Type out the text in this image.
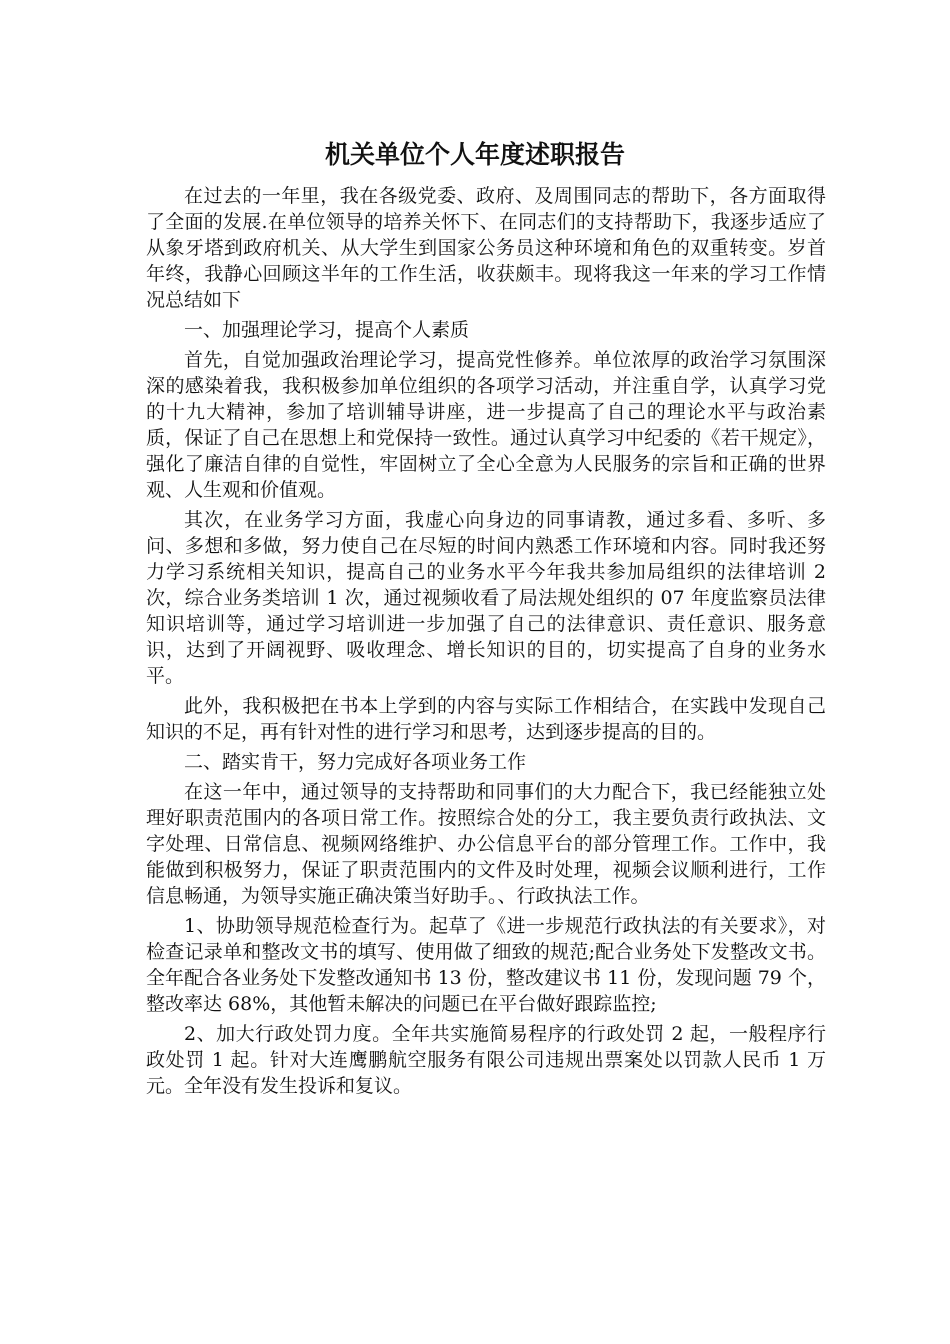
机关单位个人年度述职报告

在过去的一年里，我在各级党委、政府、及周围同志的帮助下，各方面取得了全面的发展.在单位领导的培养关怀下、在同志们的支持帮助下，我逐步适应了从象牙塔到政府机关、从大学生到国家公务员这种环境和角色的双重转变。岁首年终，我静心回顾这半年的工作生活，收获颇丰。现将我这一年来的学习工作情况总结如下

一、加强理论学习，提高个人素质

首先，自觉加强政治理论学习，提高党性修养。单位浓厚的政治学习氛围深深的感染着我，我积极参加单位组织的各项学习活动，并注重自学，认真学习党的十九大精神，参加了培训辅导讲座，进一步提高了自己的理论水平与政治素质，保证了自己在思想上和党保持一致性。通过认真学习中纪委的《若干规定》，强化了廉洁自律的自觉性，牢固树立了全心全意为人民服务的宗旨和正确的世界观、人生观和价值观。

其次，在业务学习方面，我虚心向身边的同事请教，通过多看、多听、多问、多想和多做，努力使自己在尽短的时间内熟悉工作环境和内容。同时我还努力学习系统相关知识，提高自己的业务水平今年我共参加局组织的法律培训 2 次，综合业务类培训 1 次，通过视频收看了局法规处组织的 07 年度监察员法律知识培训等，通过学习培训进一步加强了自己的法律意识、责任意识、服务意识，达到了开阔视野、吸收理念、增长知识的目的，切实提高了自身的业务水平。

此外，我积极把在书本上学到的内容与实际工作相结合，在实践中发现自己知识的不足，再有针对性的进行学习和思考，达到逐步提高的目的。

二、踏实肯干，努力完成好各项业务工作

在这一年中，通过领导的支持帮助和同事们的大力配合下，我已经能独立处理好职责范围内的各项日常工作。按照综合处的分工，我主要负责行政执法、文字处理、日常信息、视频网络维护、办公信息平台的部分管理工作。工作中，我能做到积极努力，保证了职责范围内的文件及时处理，视频会议顺利进行，工作信息畅通，为领导实施正确决策当好助手。、行政执法工作。

1、协助领导规范检查行为。起草了《进一步规范行政执法的有关要求》，对检查记录单和整改文书的填写、使用做了细致的规范;配合业务处下发整改文书。全年配合各业务处下发整改通知书 13 份，整改建议书 11 份，发现问题 79 个，整改率达 68%，其他暂未解决的问题已在平台做好跟踪监控;

2、加大行政处罚力度。全年共实施简易程序的行政处罚 2 起，一般程序行政处罚 1 起。针对大连鹰鹏航空服务有限公司违规出票案处以罚款人民币 1 万元。全年没有发生投诉和复议。
